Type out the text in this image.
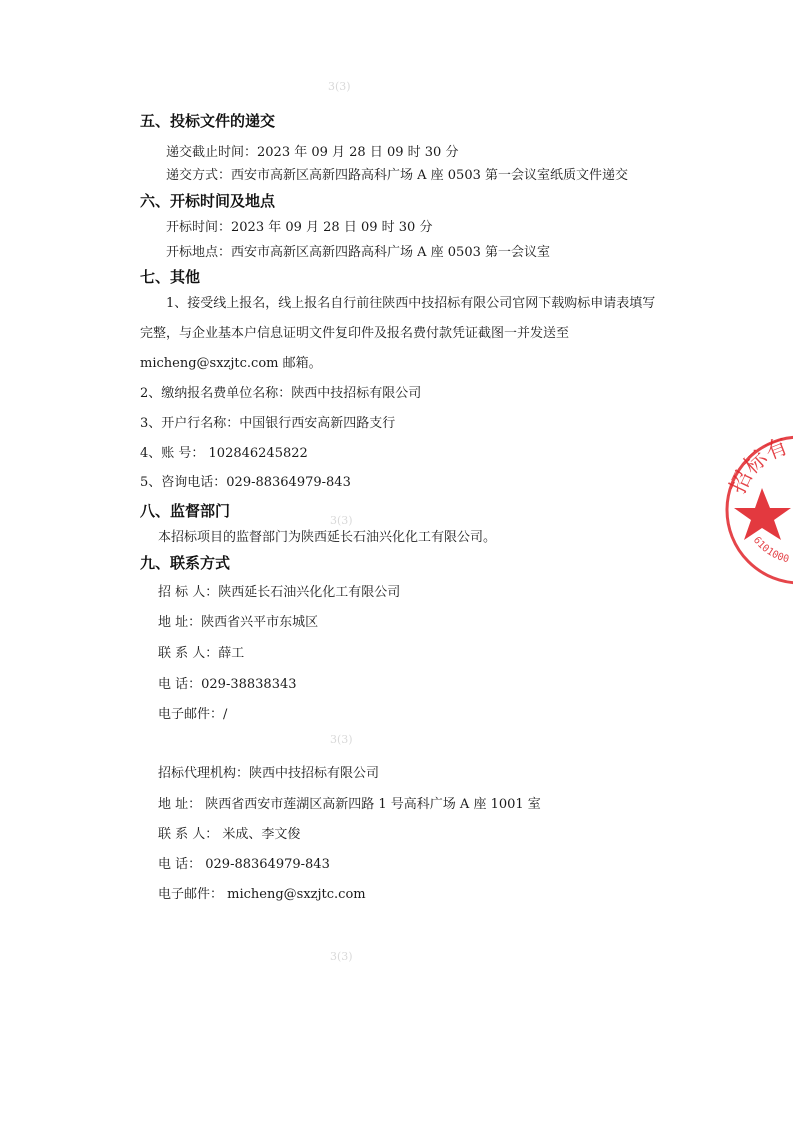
3(3)
3(3)
3(3)
3(3)
五、投标文件的递交
递交截止时间：2023 年 09 月 28 日 09 时 30 分
递交方式：西安市高新区高新四路高科广场 A 座 0503 第一会议室纸质文件递交
六、开标时间及地点
开标时间：2023 年 09 月 28 日 09 时 30 分
开标地点：西安市高新区高新四路高科广场 A 座 0503 第一会议室
七、其他
1、接受线上报名，线上报名自行前往陕西中技招标有限公司官网下载购标申请表填写
完整，与企业基本户信息证明文件复印件及报名费付款凭证截图一并发送至
micheng@sxzjtc.com 邮箱。
2、缴纳报名费单位名称：陕西中技招标有限公司
3、开户行名称：中国银行西安高新四路支行
4、账 号： 102846245822
5、咨询电话：029-88364979-843
八、监督部门
本招标项目的监督部门为陕西延长石油兴化化工有限公司。
九、联系方式
招 标 人：陕西延长石油兴化化工有限公司
地 址：陕西省兴平市东城区
联 系 人：薛工
电 话：029-38838343
电子邮件：/
招标代理机构：陕西中技招标有限公司
地 址： 陕西省西安市莲湖区高新四路 1 号高科广场 A 座 1001 室
联 系 人： 米成、李文俊
电 话： 029-88364979-843
电子邮件： micheng@sxzjtc.com
招标有
6101000
